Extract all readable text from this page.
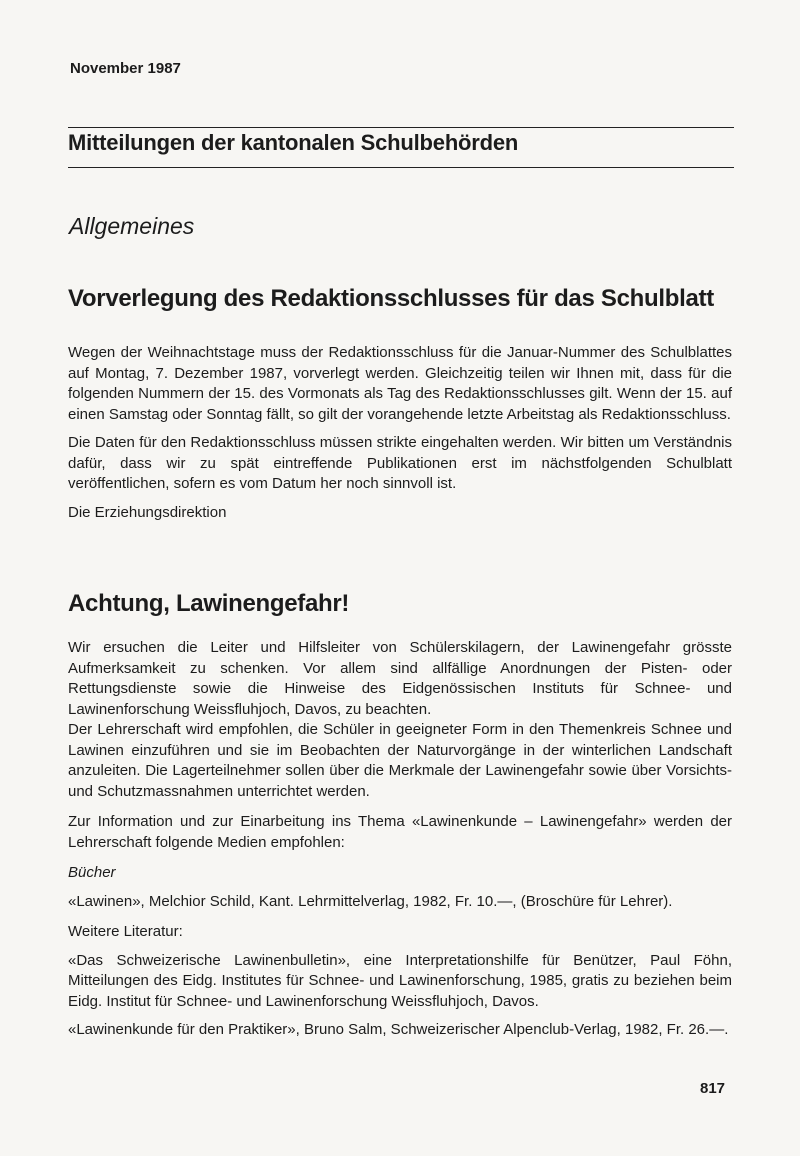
November 1987
Mitteilungen der kantonalen Schulbehörden
Allgemeines
Vorverlegung des Redaktionsschlusses für das Schulblatt

Wegen der Weihnachtstage muss der Redaktionsschluss für die Januar-Nummer des Schulblattes auf Montag, 7. Dezember 1987, vorverlegt werden. Gleichzeitig teilen wir Ihnen mit, dass für die folgenden Nummern der 15. des Vormonats als Tag des Redaktionsschlusses gilt. Wenn der 15. auf einen Samstag oder Sonntag fällt, so gilt der vorangehende letzte Arbeitstag als Redaktionsschluss.

Die Daten für den Redaktionsschluss müssen strikte eingehalten werden. Wir bitten um Verständnis dafür, dass wir zu spät eintreffende Publikationen erst im nächstfolgenden Schulblatt veröffentlichen, sofern es vom Datum her noch sinnvoll ist.

Die Erziehungsdirektion

Achtung, Lawinengefahr!

Wir ersuchen die Leiter und Hilfsleiter von Schülerskilagern, der Lawinengefahr grösste Aufmerksamkeit zu schenken. Vor allem sind allfällige Anordnungen der Pisten- oder Rettungsdienste sowie die Hinweise des Eidgenössischen Instituts für Schnee- und Lawinenforschung Weissfluhjoch, Davos, zu beachten.

Der Lehrerschaft wird empfohlen, die Schüler in geeigneter Form in den Themenkreis Schnee und Lawinen einzuführen und sie im Beobachten der Naturvorgänge in der winterlichen Landschaft anzuleiten. Die Lagerteilnehmer sollen über die Merkmale der Lawinengefahr sowie über Vorsichts- und Schutzmassnahmen unterrichtet werden.

Zur Information und zur Einarbeitung ins Thema «Lawinenkunde – Lawinengefahr» werden der Lehrerschaft folgende Medien empfohlen:

Bücher

«Lawinen», Melchior Schild, Kant. Lehrmittelverlag, 1982, Fr. 10.—, (Broschüre für Lehrer).

Weitere Literatur:

«Das Schweizerische Lawinenbulletin», eine Interpretationshilfe für Benützer, Paul Föhn, Mitteilungen des Eidg. Institutes für Schnee- und Lawinenforschung, 1985, gratis zu beziehen beim Eidg. Institut für Schnee- und Lawinenforschung Weissfluhjoch, Davos.

«Lawinenkunde für den Praktiker», Bruno Salm, Schweizerischer Alpenclub-Verlag, 1982, Fr. 26.—.

817
